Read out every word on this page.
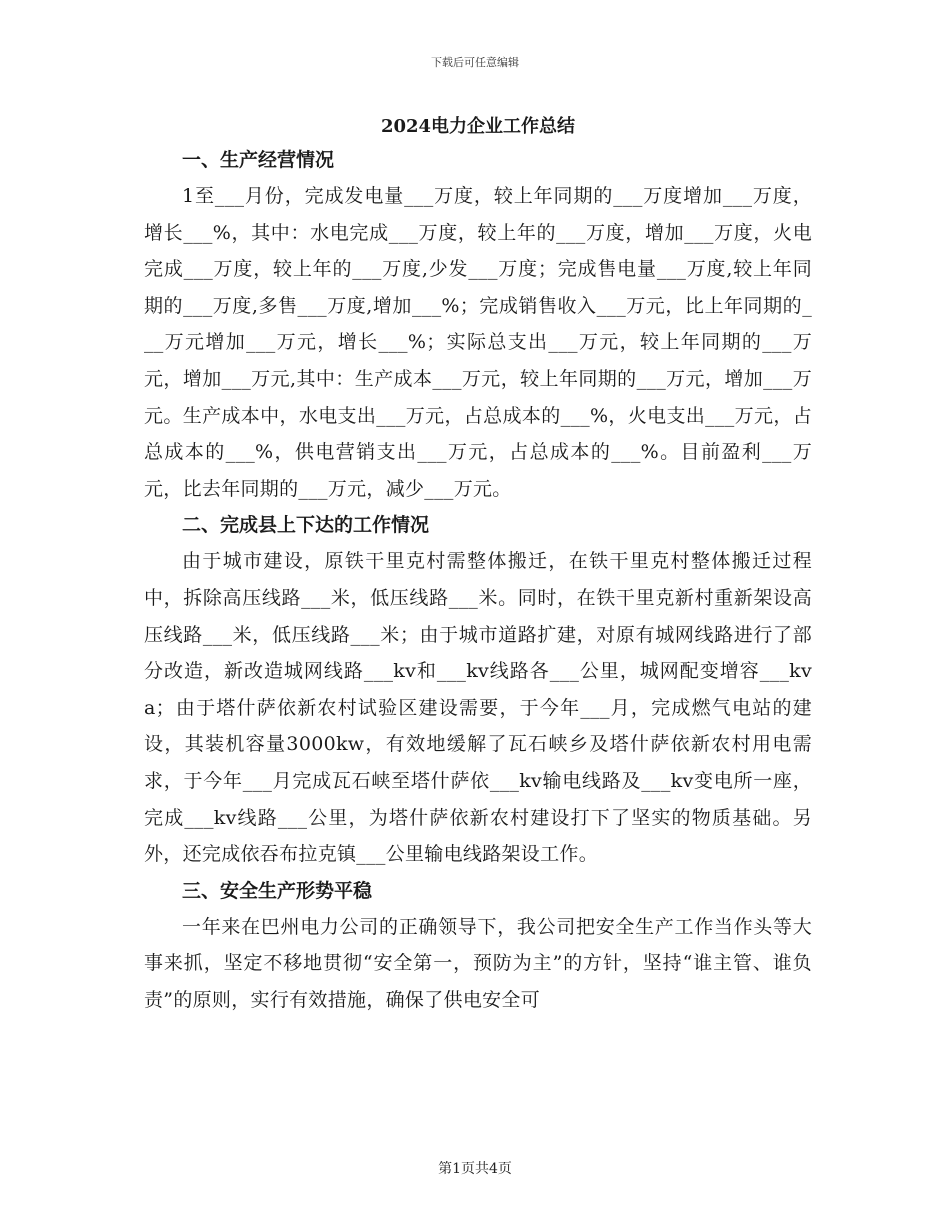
下载后可任意编辑
2024电力企业工作总结
一、生产经营情况

1至___月份，完成发电量___万度，较上年同期的___万度增加___万度，增长___%，其中：水电完成___万度，较上年的___万度，增加___万度，火电完成___万度，较上年的___万度,少发___万度；完成售电量___万度,较上年同期的___万度,多售___万度,增加___%；完成销售收入___万元，比上年同期的___万元增加___万元，增长___%；实际总支出___万元，较上年同期的___万元，增加___万元,其中：生产成本___万元，较上年同期的___万元，增加___万元。生产成本中，水电支出___万元，占总成本的___%，火电支出___万元，占总成本的___%，供电营销支出___万元，占总成本的___%。目前盈利___万元，比去年同期的___万元，减少___万元。

二、完成县上下达的工作情况

由于城市建设，原铁干里克村需整体搬迁，在铁干里克村整体搬迁过程中，拆除高压线路___米，低压线路___米。同时，在铁干里克新村重新架设高压线路___米，低压线路___米；由于城市道路扩建，对原有城网线路进行了部分改造，新改造城网线路___kv和___kv线路各___公里，城网配变增容___kva；由于塔什萨依新农村试验区建设需要，于今年___月，完成燃气电站的建设，其装机容量3000kw，有效地缓解了瓦石峡乡及塔什萨依新农村用电需求，于今年___月完成瓦石峡至塔什萨依___kv输电线路及___kv变电所一座，完成___kv线路___公里，为塔什萨依新农村建设打下了坚实的物质基础。另外，还完成依吞布拉克镇___公里输电线路架设工作。

三、安全生产形势平稳

一年来在巴州电力公司的正确领导下，我公司把安全生产工作当作头等大事来抓，坚定不移地贯彻“安全第一，预防为主”的方针，坚持“谁主管、谁负责”的原则，实行有效措施，确保了供电安全可

第1页共4页
